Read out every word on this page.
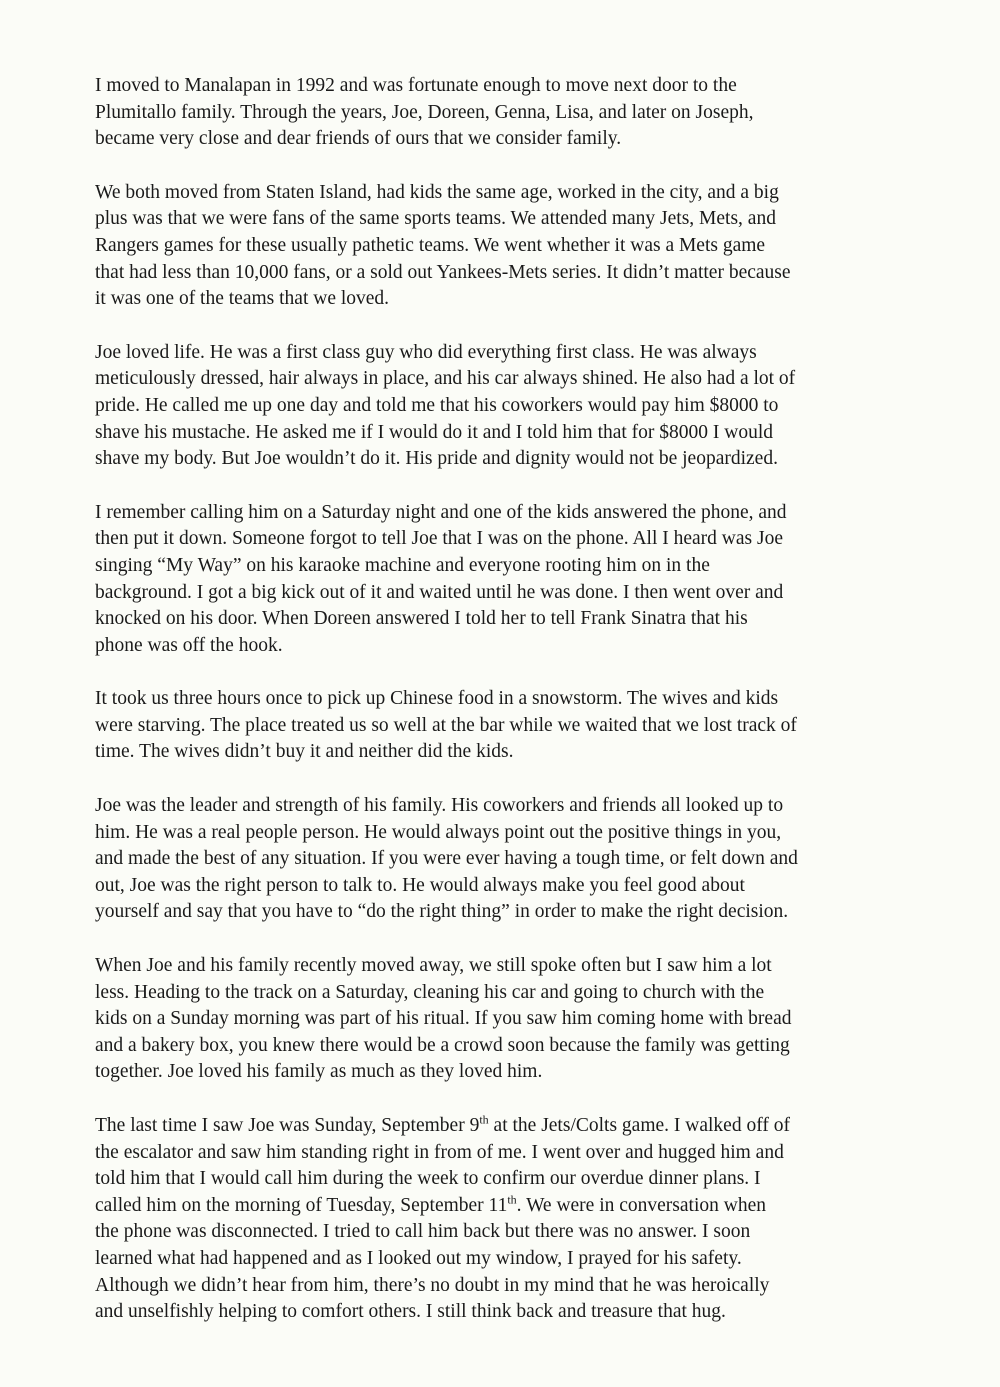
I moved to Manalapan in 1992 and was fortunate enough to move next door to the
Plumitallo family. Through the years, Joe, Doreen, Genna, Lisa, and later on Joseph,
became very close and dear friends of ours that we consider family.

We both moved from Staten Island, had kids the same age, worked in the city, and a big
plus was that we were fans of the same sports teams. We attended many Jets, Mets, and
Rangers games for these usually pathetic teams. We went whether it was a Mets game
that had less than 10,000 fans, or a sold out Yankees-Mets series. It didn’t matter because
it was one of the teams that we loved.

Joe loved life. He was a first class guy who did everything first class. He was always
meticulously dressed, hair always in place, and his car always shined. He also had a lot of
pride. He called me up one day and told me that his coworkers would pay him $8000 to
shave his mustache. He asked me if I would do it and I told him that for $8000 I would
shave my body. But Joe wouldn’t do it. His pride and dignity would not be jeopardized.

I remember calling him on a Saturday night and one of the kids answered the phone, and
then put it down. Someone forgot to tell Joe that I was on the phone. All I heard was Joe
singing “My Way” on his karaoke machine and everyone rooting him on in the
background. I got a big kick out of it and waited until he was done. I then went over and
knocked on his door. When Doreen answered I told her to tell Frank Sinatra that his
phone was off the hook.

It took us three hours once to pick up Chinese food in a snowstorm. The wives and kids
were starving. The place treated us so well at the bar while we waited that we lost track of
time. The wives didn’t buy it and neither did the kids.

Joe was the leader and strength of his family. His coworkers and friends all looked up to
him. He was a real people person. He would always point out the positive things in you,
and made the best of any situation. If you were ever having a tough time, or felt down and
out, Joe was the right person to talk to. He would always make you feel good about
yourself and say that you have to “do the right thing” in order to make the right decision.

When Joe and his family recently moved away, we still spoke often but I saw him a lot
less. Heading to the track on a Saturday, cleaning his car and going to church with the
kids on a Sunday morning was part of his ritual. If you saw him coming home with bread
and a bakery box, you knew there would be a crowd soon because the family was getting
together. Joe loved his family as much as they loved him.

The last time I saw Joe was Sunday, September 9th at the Jets/Colts game. I walked off of
the escalator and saw him standing right in from of me. I went over and hugged him and
told him that I would call him during the week to confirm our overdue dinner plans. I
called him on the morning of Tuesday, September 11th. We were in conversation when
the phone was disconnected. I tried to call him back but there was no answer. I soon
learned what had happened and as I looked out my window, I prayed for his safety.
Although we didn’t hear from him, there’s no doubt in my mind that he was heroically
and unselfishly helping to comfort others. I still think back and treasure that hug.
